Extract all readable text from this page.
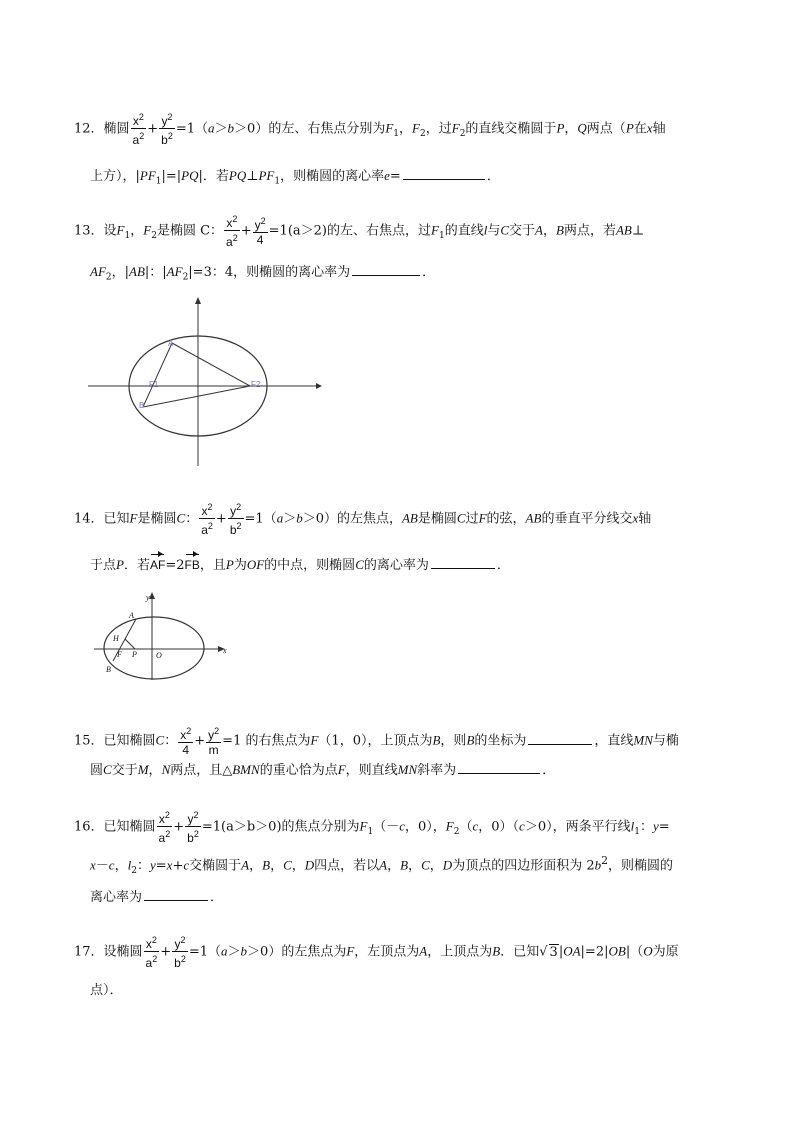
12．椭圆 $\frac{x^2}{a^2} + \frac{y^2}{b^2} =1(a>b>0)$的左、右焦点分别为$F_1$，$F_2$，过$F_2$的直线交椭圆于P，Q两点（P在x轴
上方），$|PF_1|=|PQ|$．若$PQ\perp PF_1$，则椭圆的离心率e=	．
13．设$F_1$，$F_2$是椭圆 C： $\frac{x^2}{a^2} + \frac{y^2}{4} =1(a>2)$的左、右焦点，过$F_1$的直线l与C交于A，B两点，若AB⊥
$AF_2$，|AB|：$|AF_2|=3$：4，则椭圆的离心率为	．
A
F1	F2
B
14．已知F是椭圆C： $\frac{x^2}{a^2} + \frac{y^2}{b^2} =1(a>b>0)$的左焦点，AB是椭圆C过F的弦，AB的垂直平分线交x轴
于点P．若AF=2FB，且P为OF的中点，则椭圆C的离心率为	．
A
H
F P O
B
y
x
15．已知椭圆C： $\frac{x^2}{4} + \frac{y^2}{m} =1$ 的右焦点为F（1，0），上顶点为B，则B的坐标为	，直线MN与椭
圆C交于M，N两点，且△BMN的重心恰为点F，则直线MN斜率为	．
16．已知椭圆 $\frac{x^2}{a^2} + \frac{y^2}{b^2} =1(a>b>0)$的焦点分别为$F_1(-c$，0），$F_2(c$，0）（c＞0），两条平行线$l_1$：y=
x－c，$l_2$：y=x+c交椭圆于A，B，C，D四点，若以A，B，C，D为顶点的四边形面积为 $2b^2$，则椭圆的
离心率为	．
17．设椭圆 $\frac{x^2}{a^2} + \frac{y^2}{b^2} =1(a>b>0)$的左焦点为F，左顶点为A，上顶点为B．已知√ 3|OA|=2|OB|（O为原
点）．
